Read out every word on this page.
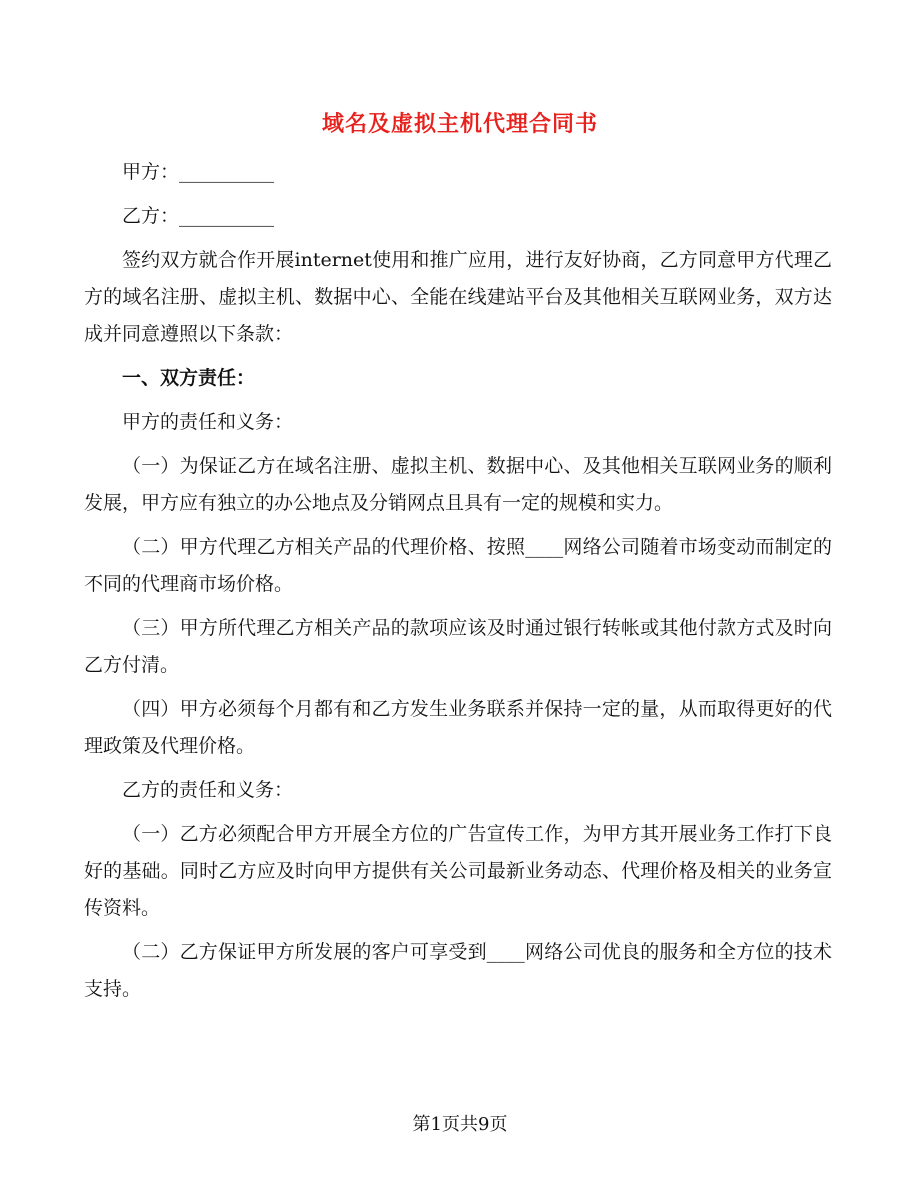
域名及虚拟主机代理合同书

甲方：__________

乙方：__________

签约双方就合作开展internet使用和推广应用，进行友好协商，乙方同意甲方代理乙方的域名注册、虚拟主机、数据中心、全能在线建站平台及其他相关互联网业务，双方达成并同意遵照以下条款：

一、双方责任：

甲方的责任和义务：

（一）为保证乙方在域名注册、虚拟主机、数据中心、及其他相关互联网业务的顺利发展，甲方应有独立的办公地点及分销网点且具有一定的规模和实力。

（二）甲方代理乙方相关产品的代理价格、按照____网络公司随着市场变动而制定的不同的代理商市场价格。

（三）甲方所代理乙方相关产品的款项应该及时通过银行转帐或其他付款方式及时向乙方付清。

（四）甲方必须每个月都有和乙方发生业务联系并保持一定的量，从而取得更好的代理政策及代理价格。

乙方的责任和义务：

（一）乙方必须配合甲方开展全方位的广告宣传工作，为甲方其开展业务工作打下良好的基础。同时乙方应及时向甲方提供有关公司最新业务动态、代理价格及相关的业务宣传资料。

（二）乙方保证甲方所发展的客户可享受到____网络公司优良的服务和全方位的技术支持。

第1页共9页
